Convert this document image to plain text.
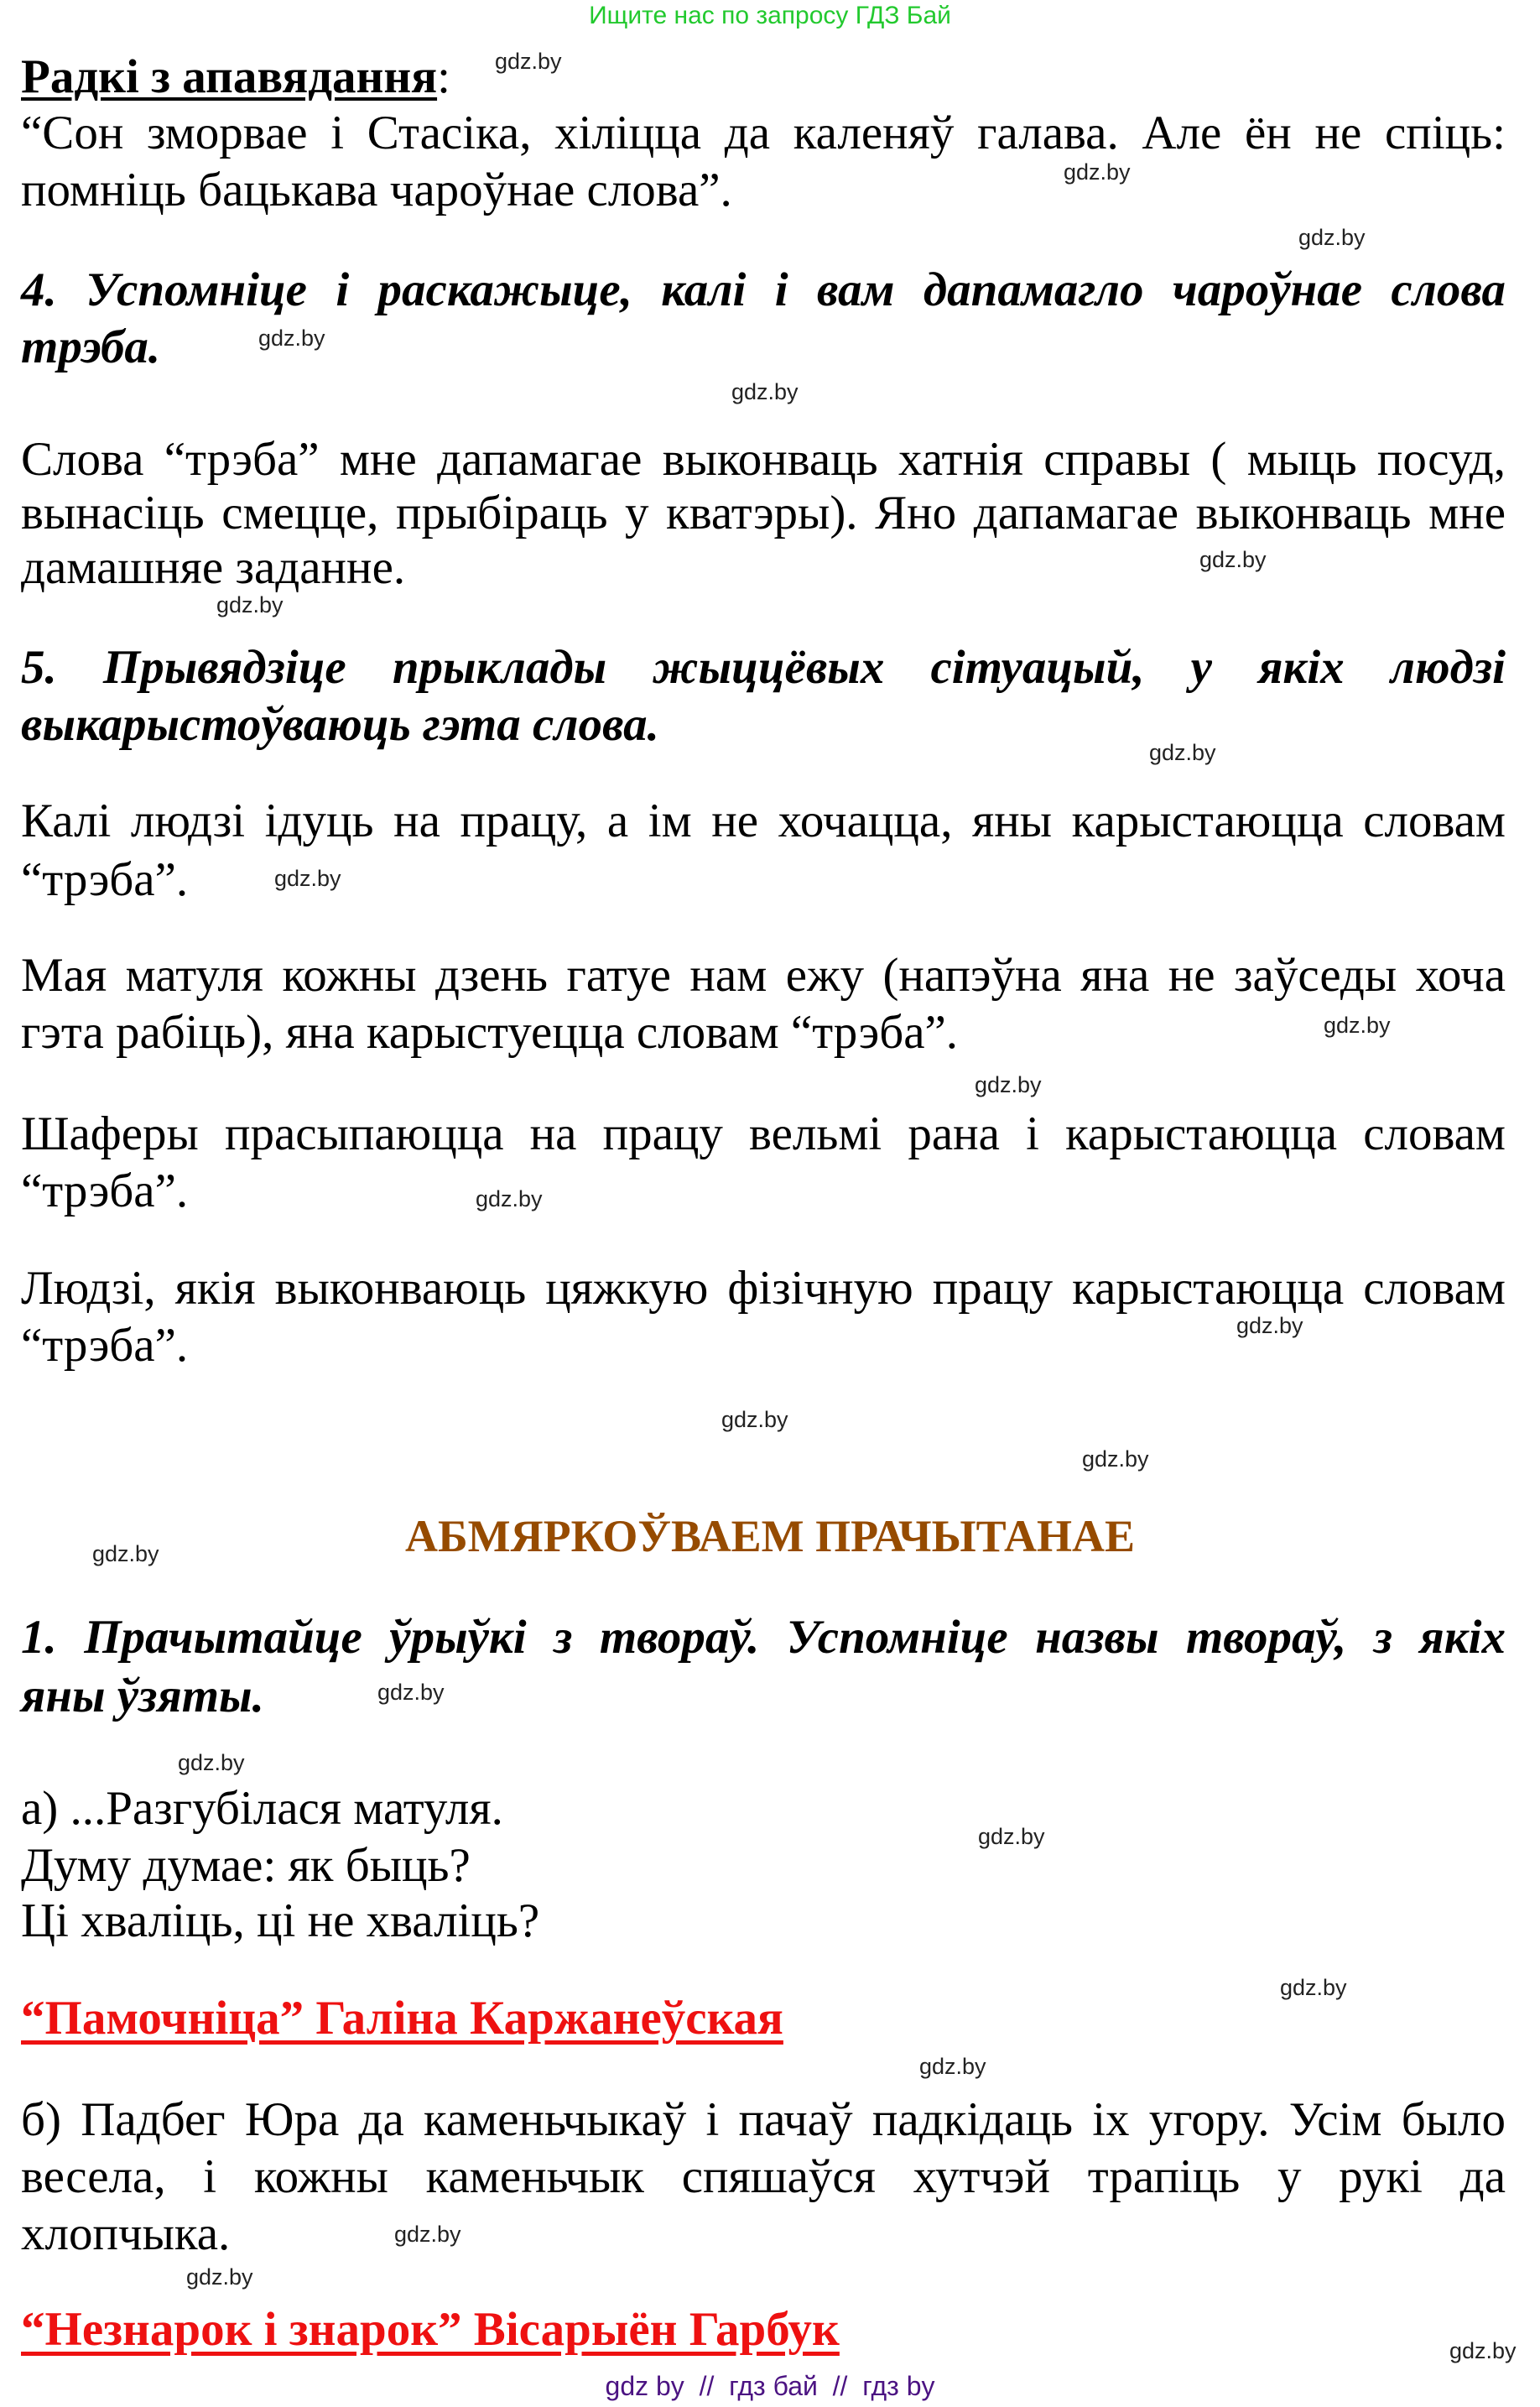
Ищите нас по запросу ГДЗ Бай
Радкі з апавядання:
“Сон зморвае і Стасіка, хіліцца да каленяў галава. Але ён не спіць:
помніць бацькава чароўнае слова”.
4. Успомніце і раскажыце, калі і вам дапамагло чароўнае слова
трэба.
Слова “трэба” мне дапамагае выконваць хатнія справы ( мыць посуд,
вынасіць смецце, прыбіраць у кватэры). Яно дапамагае выконваць мне
дамашняе заданне.
5. Прывядзіце прыклады жыццёвых сітуацый, у якіх людзі
выкарыстоўваюць гэта слова.
Калі людзі ідуць на працу, а ім не хочацца, яны карыстаюцца словам
“трэба”.
Мая матуля кожны дзень гатуе нам ежу (напэўна яна не заўседы хоча
гэта рабіць), яна карыстуецца словам “трэба”.
Шаферы прасыпаюцца на працу вельмі рана і карыстаюцца словам
“трэба”.
Людзі, якія выконваюць цяжкую фізічную працу карыстаюцца словам
“трэба”.
АБМЯРКОЎВАЕМ ПРАЧЫТАНАЕ
1. Прачытайце ўрыўкі з твораў. Успомніце назвы твораў, з якіх
яны ўзяты.
а) ...Разгубілася матуля.
Думу думае: як быць?
Ці хваліць, ці не хваліць?
“Памочніца” Галіна Каржанеўская
б) Падбег Юра да каменьчыкаў і пачаў падкідаць іх угору. Усім было
весела, і кожны каменьчык спяшаўся хутчэй трапіць у рукі да
хлопчыка.
“Незнарок і знарок” Вісарыён Гарбук
gdz.by
gdz.by
gdz.by
gdz.by
gdz.by
gdz.by
gdz.by
gdz.by
gdz.by
gdz.by
gdz.by
gdz.by
gdz.by
gdz.by
gdz.by
gdz.by
gdz.by
gdz.by
gdz.by
gdz.by
gdz.by
gdz.by
gdz.by
gdz.by
gdz by  //  гдз бай  //  гдз by
